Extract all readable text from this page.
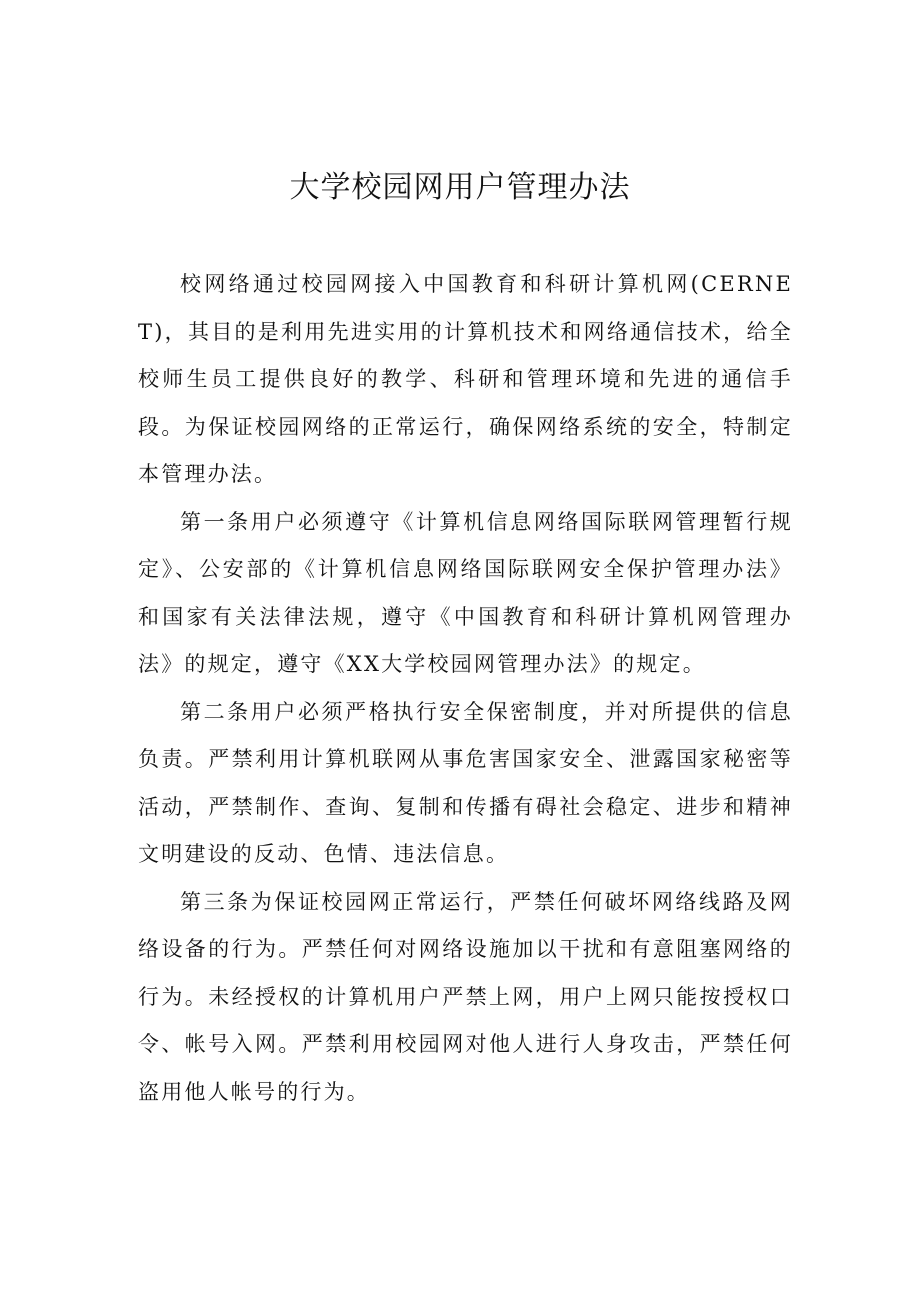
大学校园网用户管理办法

校网络通过校园网接入中国教育和科研计算机网(CERNET)，其目的是利用先进实用的计算机技术和网络通信技术，给全校师生员工提供良好的教学、科研和管理环境和先进的通信手段。为保证校园网络的正常运行，确保网络系统的安全，特制定本管理办法。

第一条用户必须遵守《计算机信息网络国际联网管理暂行规定》、公安部的《计算机信息网络国际联网安全保护管理办法》和国家有关法律法规，遵守《中国教育和科研计算机网管理办法》的规定，遵守《XX大学校园网管理办法》的规定。

第二条用户必须严格执行安全保密制度，并对所提供的信息负责。严禁利用计算机联网从事危害国家安全、泄露国家秘密等活动，严禁制作、查询、复制和传播有碍社会稳定、进步和精神文明建设的反动、色情、违法信息。

第三条为保证校园网正常运行，严禁任何破坏网络线路及网络设备的行为。严禁任何对网络设施加以干扰和有意阻塞网络的行为。未经授权的计算机用户严禁上网，用户上网只能按授权口令、帐号入网。严禁利用校园网对他人进行人身攻击，严禁任何盗用他人帐号的行为。
